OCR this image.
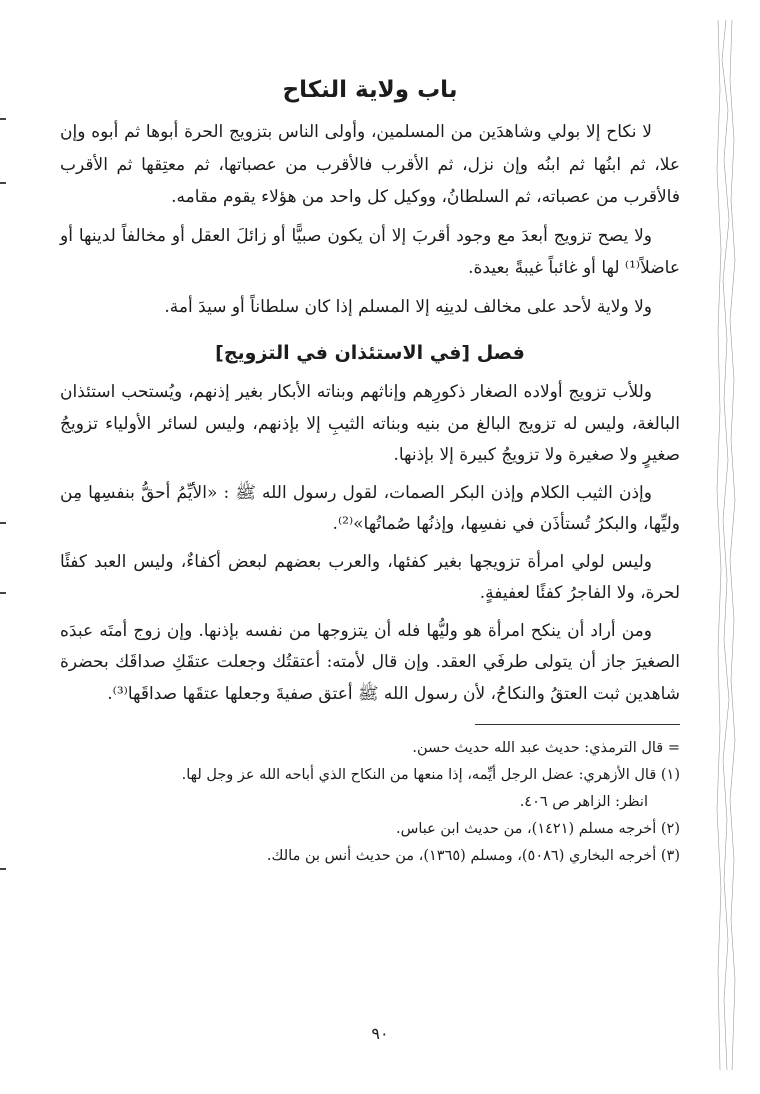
باب ولاية النكاح

لا نكاح إلا بولي وشاهدَين من المسلمين، وأولى الناس بتزويج الحرة أبوها ثم أبوه وإن علا، ثم ابنُها ثم ابنُه وإن نزل، ثم الأقرب فالأقرب من عصباتها، ثم معتِقها ثم الأقرب فالأقرب من عصباته، ثم السلطانُ، ووكيل كل واحد من هؤلاء يقوم مقامه.

ولا يصح تزويج أبعدَ مع وجود أقربَ إلا أن يكون صبيًّا أو زائلَ العقل أو مخالفاً لدينها أو عاضلاً⁽¹⁾ لها أو غائباً غيبةً بعيدة.

ولا ولاية لأحد على مخالف لدينِه إلا المسلم إذا كان سلطاناً أو سيدَ أمة.

فصل [في الاستئذان في التزويج]

وللأب تزويج أولاده الصغار ذكورِهم وإناثهم وبناته الأبكار بغير إذنهم، ويُستحب استئذان البالغة، وليس له تزويج البالغ من بنيه وبناته الثيبِ إلا بإذنهم، وليس لسائر الأولياء تزويجُ صغيرٍ ولا صغيرة ولا تزويجُ كبيرة إلا بإذنها.

وإذن الثيب الكلام وإذن البكر الصمات، لقول رسول الله ﷺ : «الأيِّمُ أحقُّ بنفسِها مِن وليِّها، والبكرُ تُستأذَن في نفسِها، وإذنُها صُماتُها»⁽²⁾.

وليس لولي امرأة تزويجها بغير كفئها، والعرب بعضهم لبعض أكفاءٌ، وليس العبد كفئًا لحرة، ولا الفاجرُ كفئًا لعفيفةٍ.

ومن أراد أن ينكح امرأة هو وليُّها فله أن يتزوجها من نفسه بإذنها. وإن زوج أمتَه عبدَه الصغيرَ جاز أن يتولى طرفَي العقد. وإن قال لأمته: أعتقتُك وجعلت عتقَكِ صداقَك بحضرة شاهدين ثبت العتقُ والنكاحُ، لأن رسول الله ﷺ أعتق صفيةَ وجعلها عتقَها صداقَها⁽³⁾.

= قال الترمذي: حديث عبد الله حديث حسن.

(١) قال الأزهري: عضل الرجل أيِّمه، إذا منعها من النكاح الذي أباحه الله عز وجل لها.

انظر: الزاهر ص ٤٠٦.

(٢) أخرجه مسلم (١٤٢١)، من حديث ابن عباس.

(٣) أخرجه البخاري (٥٠٨٦)، ومسلم (١٣٦٥)، من حديث أنس بن مالك.

٩٠
